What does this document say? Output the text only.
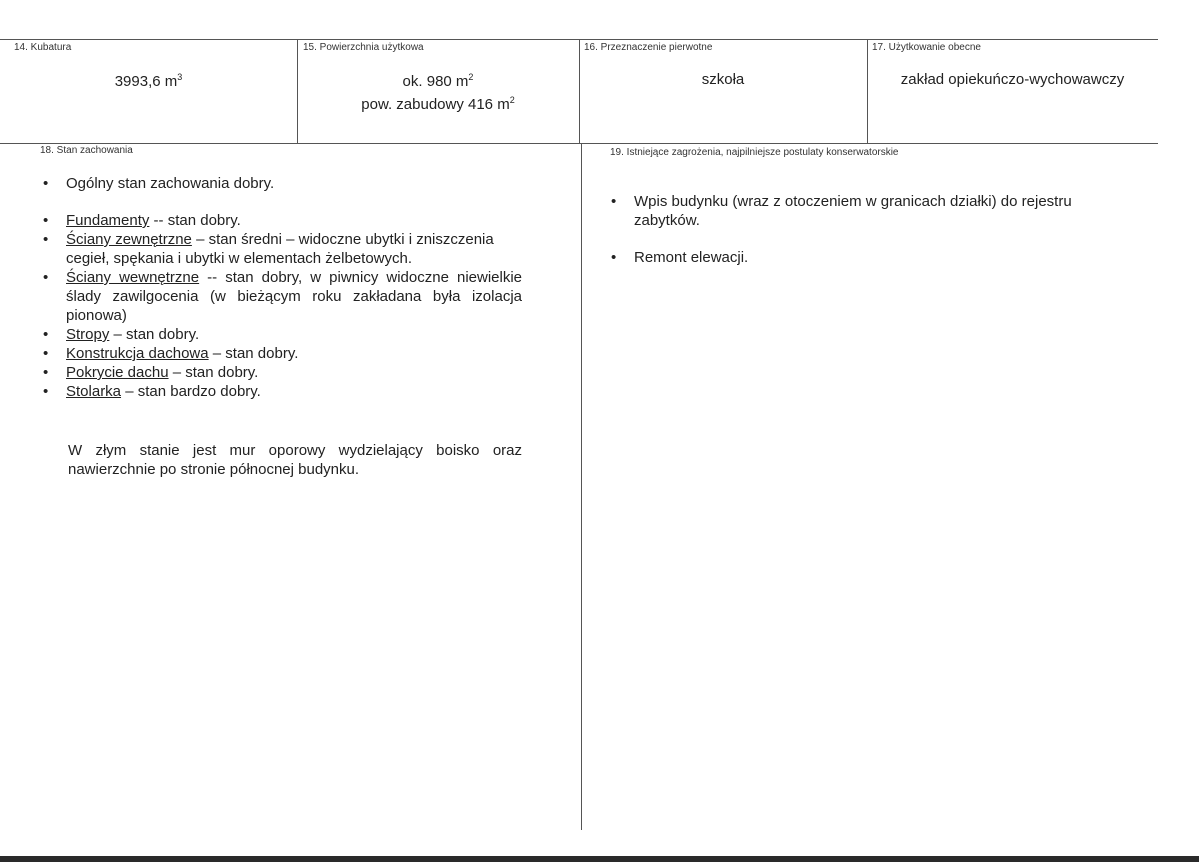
14. Kubatura
3993,6 $m^3$
15. Powierzchnia użytkowa
ok. 980 $m^2$
pow. zabudowy 416 $m^2$
16. Przeznaczenie pierwotne
szkoła
17. Użytkowanie obecne
zakład opiekuńczo-wychowawczy
18. Stan zachowania
• Ogólny stan zachowania dobry.
• Fundamenty -- stan dobry.
• Ściany zewnętrzne – stan średni – widoczne ubytki i zniszczenia cegieł, spękania i ubytki w elementach żelbetowych.
• Ściany wewnętrzne -- stan dobry, w piwnicy widoczne niewielkie ślady zawilgocenia (w bieżącym roku zakładana była izolacja pionowa)
• Stropy – stan dobry.
• Konstrukcja dachowa – stan dobry.
• Pokrycie dachu – stan dobry.
• Stolarka – stan bardzo dobry.
W złym stanie jest mur oporowy wydzielający boisko oraz nawierzchnie po stronie północnej budynku.
19. Istniejące zagrożenia, najpilniejsze postulaty konserwatorskie
• Wpis budynku (wraz z otoczeniem w granicach działki) do rejestru zabytków.
• Remont elewacji.
